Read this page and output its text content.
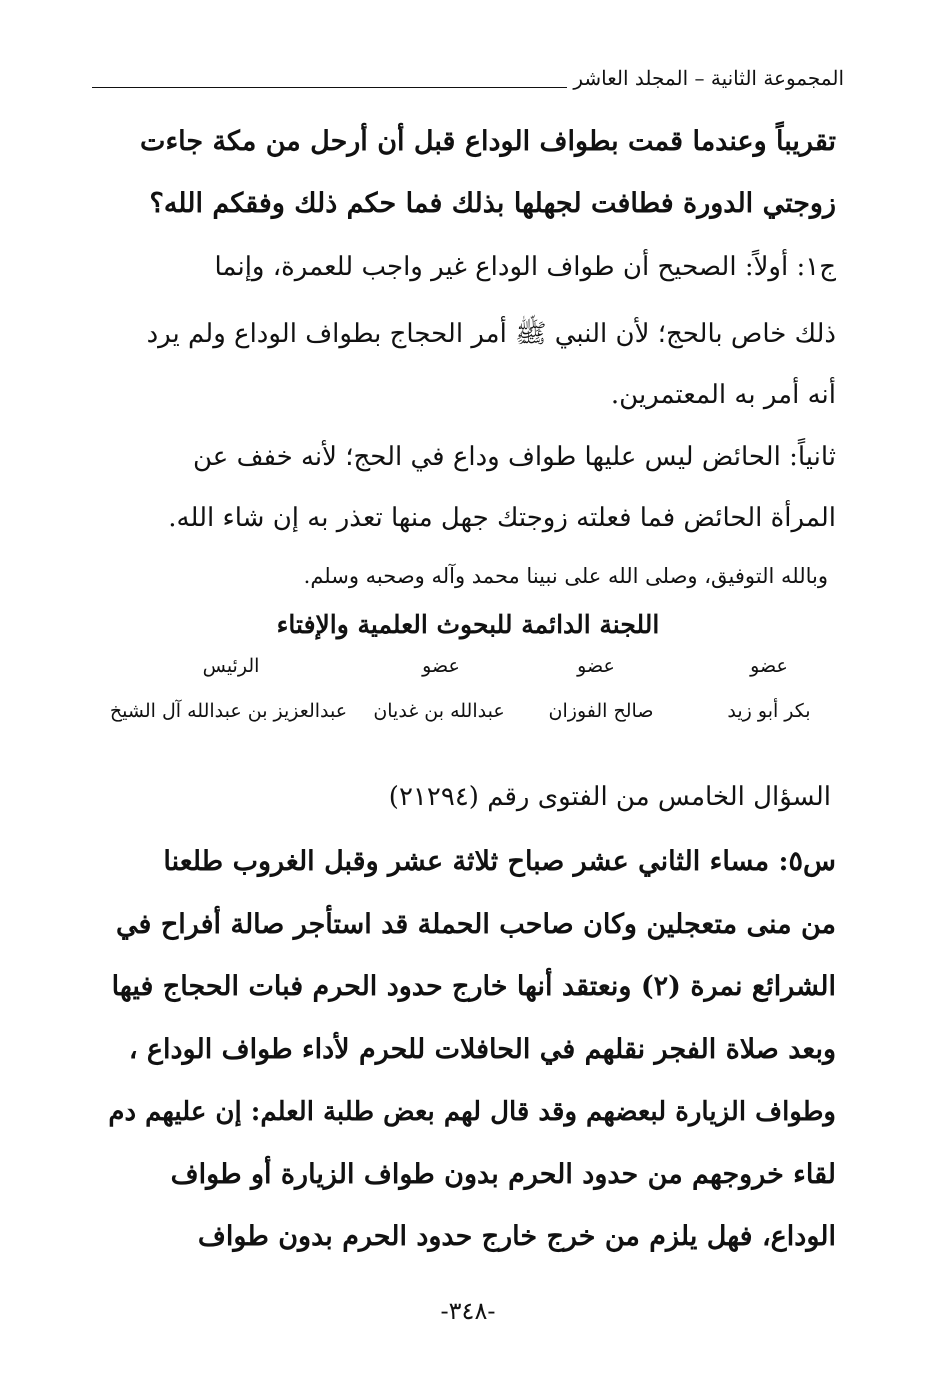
المجموعة الثانية – المجلد العاشر
تقريباً وعندما قمت بطواف الوداع قبل أن أرحل من مكة جاءت
زوجتي الدورة فطافت لجهلها بذلك فما حكم ذلك وفقكم الله؟
ج١: أولاً: الصحيح أن طواف الوداع غير واجب للعمرة، وإنما
ذلك خاص بالحج؛ لأن النبي ﷺ أمر الحجاج بطواف الوداع ولم يرد
أنه أمر به المعتمرين.
ثانياً: الحائض ليس عليها طواف وداع في الحج؛ لأنه خفف عن
المرأة الحائض فما فعلته زوجتك جهل منها تعذر به إن شاء الله.
وبالله التوفيق، وصلى الله على نبينا محمد وآله وصحبه وسلم.
اللجنة الدائمة للبحوث العلمية والإفتاء
عضو
عضو
عضو
الرئيس
بكر أبو زيد
صالح الفوزان
عبدالله بن غديان
عبدالعزيز بن عبدالله آل الشيخ
السؤال الخامس من الفتوى رقم (٢١٢٩٤)
س٥: مساء الثاني عشر صباح ثلاثة عشر وقبل الغروب طلعنا
من منى متعجلين وكان صاحب الحملة قد استأجر صالة أفراح في
الشرائع نمرة (٢) ونعتقد أنها خارج حدود الحرم فبات الحجاج فيها
وبعد صلاة الفجر نقلهم في الحافلات للحرم لأداء طواف الوداع ،
وطواف الزيارة لبعضهم وقد قال لهم بعض طلبة العلم: إن عليهم دم
لقاء خروجهم من حدود الحرم بدون طواف الزيارة أو طواف
الوداع، فهل يلزم من خرج خارج حدود الحرم بدون طواف
-٣٤٨-
